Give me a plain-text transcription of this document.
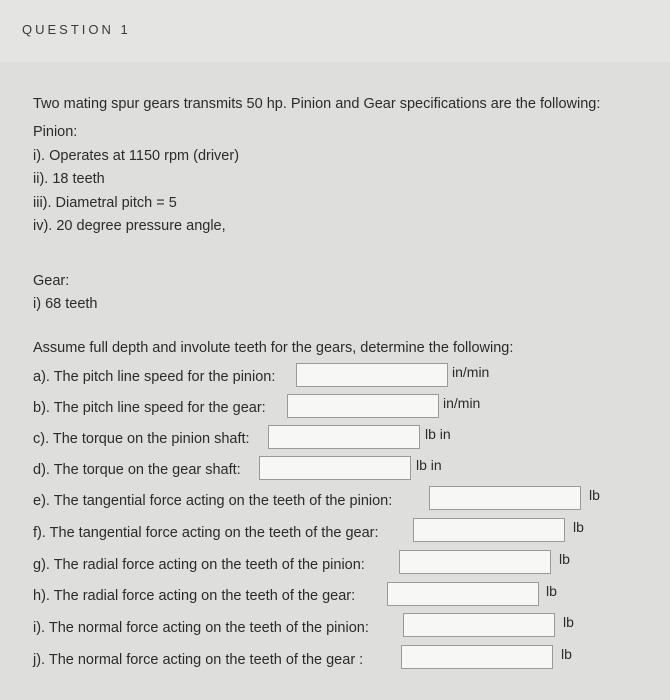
QUESTION 1
Two mating spur gears transmits 50 hp. Pinion and Gear specifications are the following:
Pinion:
i). Operates at 1150 rpm (driver)
ii). 18 teeth
iii). Diametral pitch = 5
iv). 20 degree pressure angle,
Gear:
i) 68 teeth
Assume full depth and involute teeth for the gears, determine the following:
a). The pitch line speed for the pinion:	in/min
b). The pitch line speed for the gear:	in/min
c). The torque on the pinion shaft:	lb in
d). The torque on the gear shaft:	lb in
e). The tangential force acting on the teeth of the pinion:	lb
f). The tangential force acting on the teeth of the gear:	lb
g). The radial force acting on the teeth of the pinion:	lb
h). The radial force acting on the teeth of the gear:	lb
i). The normal force acting on the teeth of the pinion:	lb
j). The normal force acting on the teeth of the gear :	lb
